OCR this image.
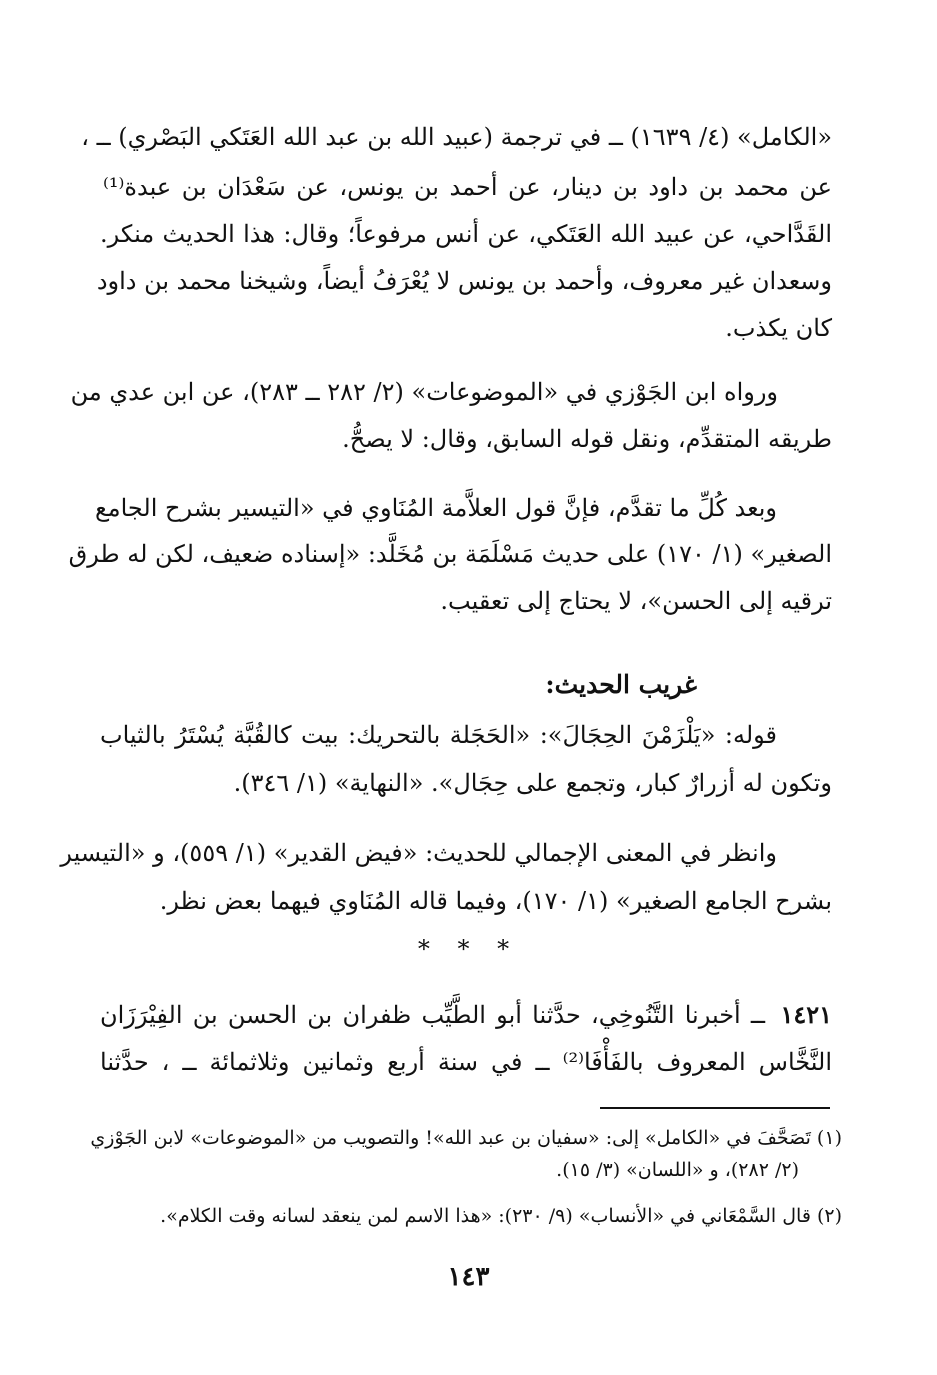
«الكامل» (٤/ ١٦٣٩) ــ في ترجمة (عبيد الله بن عبد الله العَتَكي البَصْري) ــ ،
عن محمد بن داود بن دينار، عن أحمد بن يونس، عن سَعْدَان بن عبدة⁽¹⁾
القَدَّاحي، عن عبيد الله العَتَكي، عن أنس مرفوعاً؛ وقال: هذا الحديث منكر.
وسعدان غير معروف، وأحمد بن يونس لا يُعْرَفُ أيضاً، وشيخنا محمد بن داود
كان يكذب.
ورواه ابن الجَوْزي في «الموضوعات» (٢/ ٢٨٢ ــ ٢٨٣)، عن ابن عدي من
طريقه المتقدِّم، ونقل قوله السابق، وقال: لا يصحُّ.
وبعد كُلِّ ما تقدَّم، فإنَّ قول العلاَّمة المُنَاوي في «التيسير بشرح الجامع
الصغير» (١/ ١٧٠) على حديث مَسْلَمَة بن مُخَلَّد: «إسناده ضعيف، لكن له طرق
ترقيه إلى الحسن»، لا يحتاج إلى تعقيب.
غريب الحديث:
قوله: «يَلْزَمْنَ الحِجَالَ»: «الحَجَلة بالتحريك: بيت كالقُبَّة يُسْتَرُ بالثياب
وتكون له أزرارٌ كبار، وتجمع على حِجَال». «النهاية» (١/ ٣٤٦).
وانظر في المعنى الإجمالي للحديث: «فيض القدير» (١/ ٥٥٩)، و «التيسير
بشرح الجامع الصغير» (١/ ١٧٠)، وفيما قاله المُنَاوي فيهما بعض نظر.
* * *
١٤٢١
ــ أخبرنا التَّنُوخِي، حدَّثنا أبو الطَّيِّب ظفران بن الحسن بن الفِيْرَزَان
النَّخَّاس المعروف بالفَأْفَا⁽²⁾ ــ في سنة أربع وثمانين وثلاثمائة ــ ، حدَّثنا
(١) تَصَحَّفَ في «الكامل» إلى: «سفيان بن عبد الله»! والتصويب من «الموضوعات» لابن الجَوْزي
(٢/ ٢٨٢)، و «اللسان» (٣/ ١٥).
(٢) قال السَّمْعَاني في «الأنساب» (٩/ ٢٣٠): «هذا الاسم لمن ينعقد لسانه وقت الكلام».
١٤٣
